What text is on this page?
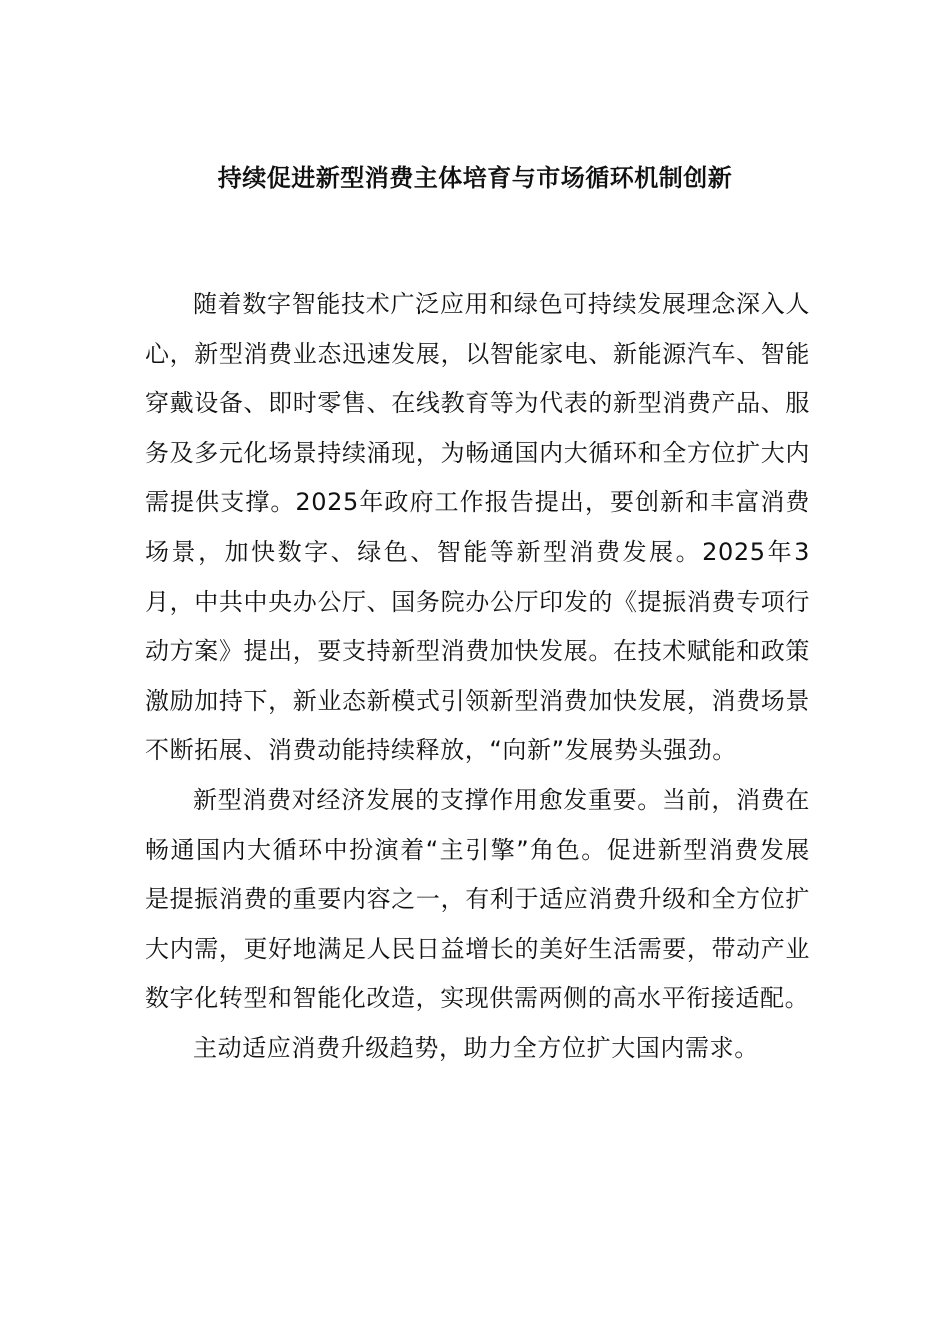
持续促进新型消费主体培育与市场循环机制创新

随着数字智能技术广泛应用和绿色可持续发展理念深入人心，新型消费业态迅速发展，以智能家电、新能源汽车、智能穿戴设备、即时零售、在线教育等为代表的新型消费产品、服务及多元化场景持续涌现，为畅通国内大循环和全方位扩大内需提供支撑。2025年政府工作报告提出，要创新和丰富消费场景，加快数字、绿色、智能等新型消费发展。2025年3月，中共中央办公厅、国务院办公厅印发的《提振消费专项行动方案》提出，要支持新型消费加快发展。在技术赋能和政策激励加持下，新业态新模式引领新型消费加快发展，消费场景不断拓展、消费动能持续释放，“向新”发展势头强劲。

新型消费对经济发展的支撑作用愈发重要。当前，消费在畅通国内大循环中扮演着“主引擎”角色。促进新型消费发展是提振消费的重要内容之一，有利于适应消费升级和全方位扩大内需，更好地满足人民日益增长的美好生活需要，带动产业数字化转型和智能化改造，实现供需两侧的高水平衔接适配。

主动适应消费升级趋势，助力全方位扩大国内需求。
